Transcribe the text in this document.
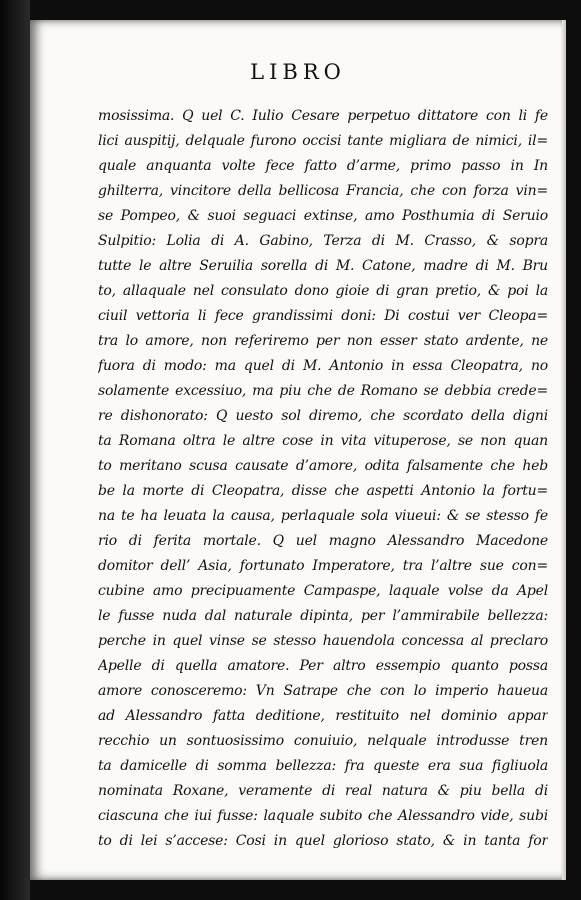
LIBRO
mosissima. Q uel C. Iulio Cesare perpetuo dittatore con li fe
lici auspitij, delquale furono occisi tante migliara de nimici, il=
quale anquanta volte fece fatto d’arme, primo passo in In
ghilterra, vincitore della bellicosa Francia, che con forza vin=
se Pompeo, & suoi seguaci extinse, amo Posthumia di Seruio
Sulpitio: Lolia di A. Gabino, Terza di M. Crasso, & sopra
tutte le altre Seruilia sorella di M. Catone, madre di M. Bru
to, allaquale nel consulato dono gioie di gran pretio, & poi la
ciuil vettoria li fece grandissimi doni: Di costui ver Cleopa=
tra lo amore, non referiremo per non esser stato ardente, ne
fuora di modo: ma quel di M. Antonio in essa Cleopatra, no
solamente excessiuo, ma piu che de Romano se debbia crede=
re dishonorato: Q uesto sol diremo, che scordato della digni
ta Romana oltra le altre cose in vita vituperose, se non quan
to meritano scusa causate d’amore, odita falsamente che heb
be la morte di Cleopatra, disse che aspetti Antonio la fortu=
na te ha leuata la causa, perlaquale sola viueui: & se stesso fe
rio di ferita mortale. Q uel magno Alessandro Macedone
domitor dell’ Asia, fortunato Imperatore, tra l’altre sue con=
cubine amo precipuamente Campaspe, laquale volse da Apel
le fusse nuda dal naturale dipinta, per l’ammirabile bellezza:
perche in quel vinse se stesso hauendola concessa al preclaro
Apelle di quella amatore. Per altro essempio quanto possa
amore conosceremo: Vn Satrape che con lo imperio haueua
ad Alessandro fatta deditione, restituito nel dominio appar
recchio un sontuosissimo conuiuio, nelquale introdusse tren
ta damicelle di somma bellezza: fra queste era sua figliuola
nominata Roxane, veramente di real natura & piu bella di
ciascuna che iui fusse: laquale subito che Alessandro vide, subi
to di lei s’accese: Cosi in quel glorioso stato, & in tanta for
